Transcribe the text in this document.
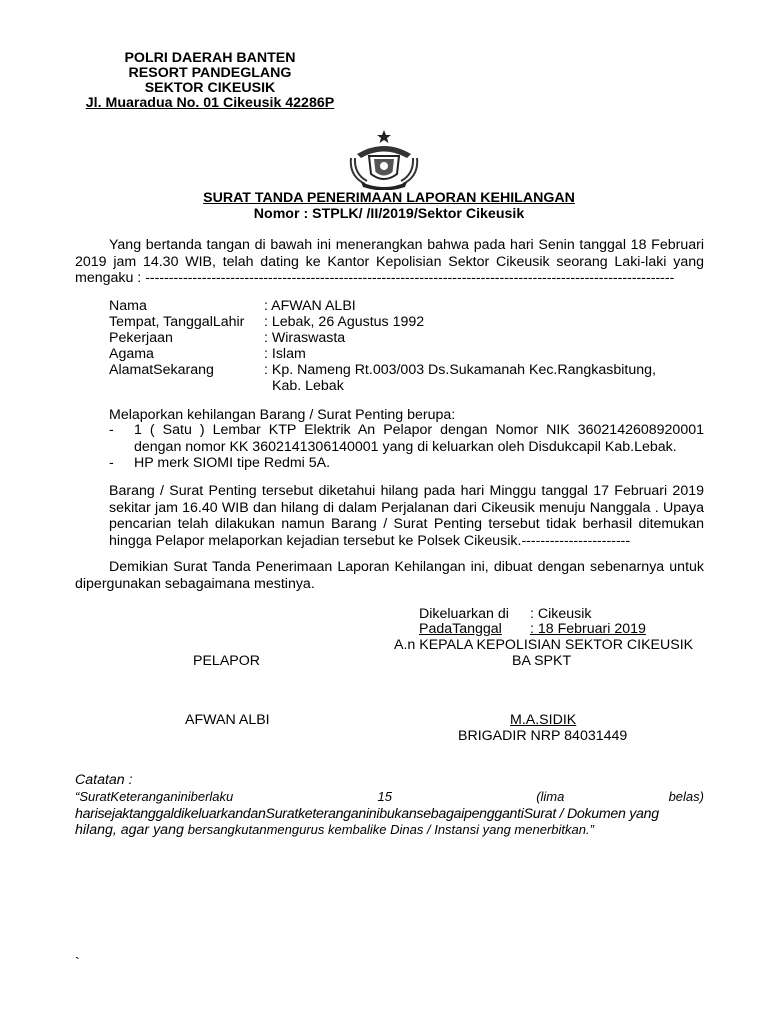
POLRI DAERAH BANTEN
RESORT PANDEGLANG
SEKTOR CIKEUSIK
Jl. Muaradua No. 01 Cikeusik 42286P
SURAT TANDA PENERIMAAN LAPORAN KEHILANGAN
Nomor : STPLK/ /II/2019/Sektor Cikeusik
Yang bertanda tangan di bawah ini menerangkan bahwa pada hari Senin tanggal 18 Februari
2019 jam 14.30 WIB, telah dating ke Kantor Kepolisian Sektor Cikeusik seorang Laki-laki yang
mengaku : ----------------------------------------------------------------------------------------------------------------
Nama	: AFWAN ALBI
Tempat, TanggalLahir : Lebak, 26 Agustus 1992
Pekerjaan	: Wiraswasta
Agama	: Islam
AlamatSekarang	: Kp. Nameng Rt.003/003 Ds.Sukamanah Kec.Rangkasbitung,
Kab. Lebak
Melaporkan kehilangan Barang / Surat Penting berupa:
- 1 ( Satu ) Lembar KTP Elektrik An Pelapor dengan Nomor NIK 3602142608920001
dengan nomor KK 3602141306140001 yang di keluarkan oleh Disdukcapil Kab.Lebak.
- HP merk SIOMI tipe Redmi 5A.
Barang / Surat Penting tersebut diketahui hilang pada hari Minggu tanggal 17 Februari 2019
sekitar jam 16.40 WIB dan hilang di dalam Perjalanan dari Cikeusik menuju Nanggala . Upaya
pencarian telah dilakukan namun Barang / Surat Penting tersebut tidak berhasil ditemukan
hingga Pelapor melaporkan kejadian tersebut ke Polsek Cikeusik.-----------------------
Demikian Surat Tanda Penerimaan Laporan Kehilangan ini, dibuat dengan sebenarnya untuk
dipergunakan sebagaimana mestinya.
Dikeluarkan di : Cikeusik
PadaTanggal : 18 Februari 2019
A.n KEPALA KEPOLISIAN SEKTOR CIKEUSIK
PELAPOR	BA SPKT
AFWAN ALBI	M.A.SIDIK
BRIGADIR NRP 84031449
Catatan :
“SuratKeteranganiniberlaku	15	(lima	belas)
harisejaktanggaldikeluarkandanSuratketeranganinibukansebagaipenggantiSurat / Dokumen yang
hilang, agar yang bersangkutanmengurus kembalike Dinas / Instansi yang menerbitkan.”
`
